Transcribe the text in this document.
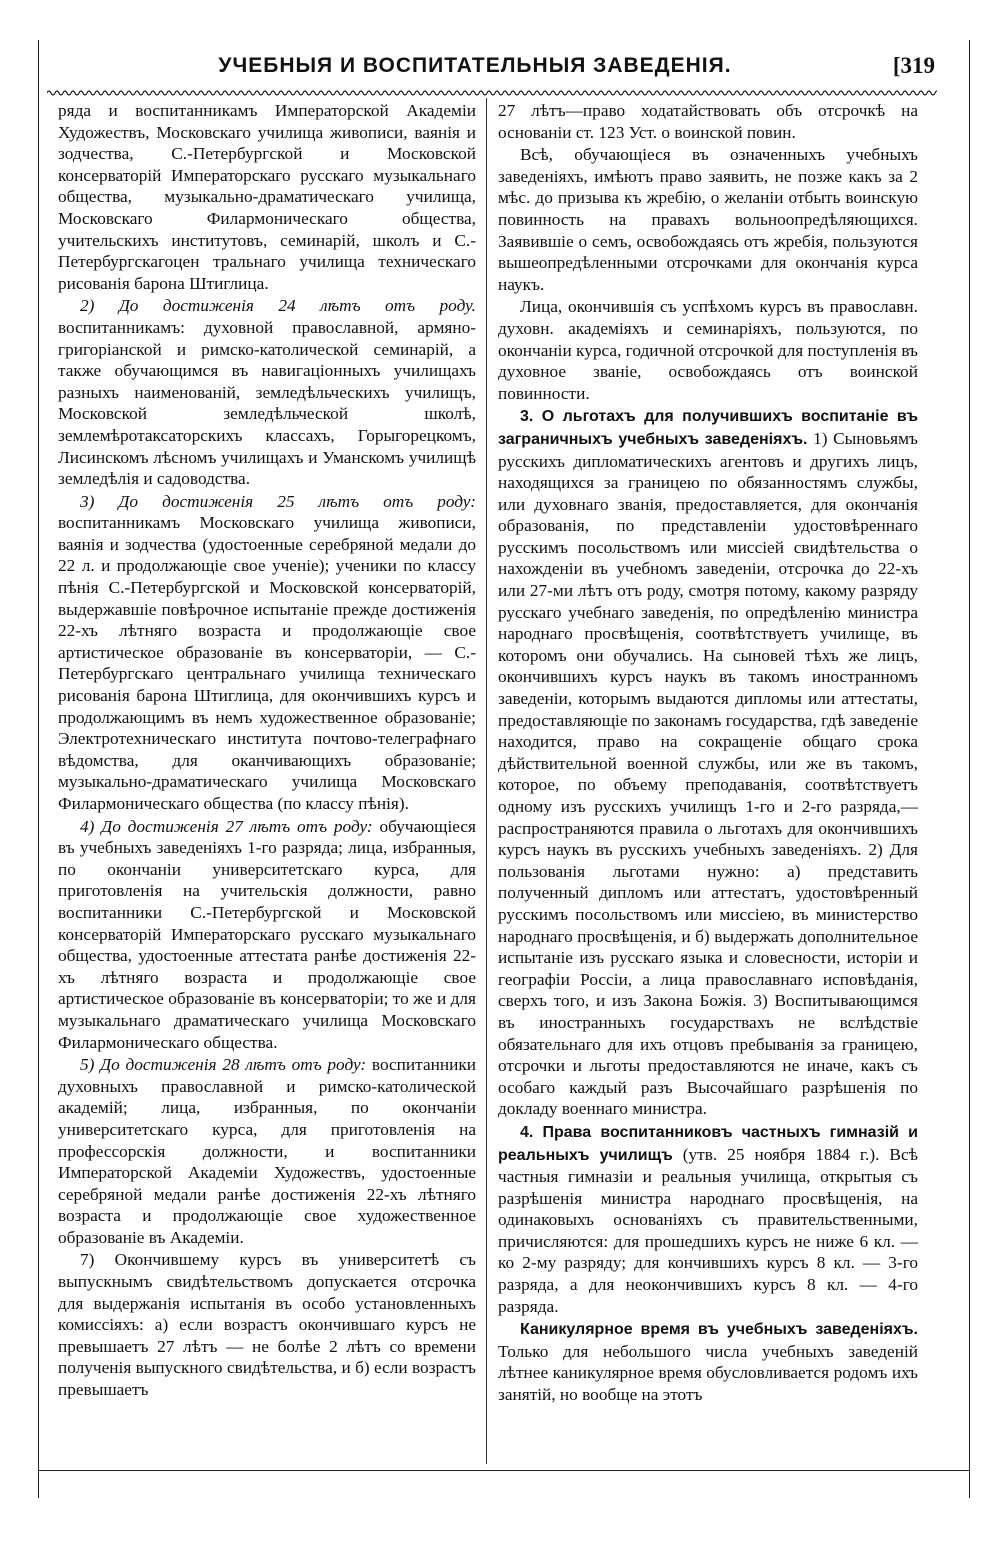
УЧЕБНЫЯ И ВОСПИТАТЕЛЬНЫЯ ЗАВЕДЕНІЯ.	[319

ряда и воспитанникамъ Императорской Академіи Художествъ, Московскаго училища живописи, ваянія и зодчества, С.-Петербургской и Московской консерваторій Императорскаго русскаго музыкальнаго общества, музыкально-драматическаго училища, Московскаго Филармоническаго общества, учительскихъ институтовъ, семинарій, школъ и С.-Петербургскагоцен тральнаго училища техническаго рисованія барона Штиглица.

2) До достиженія 24 лѣтъ отъ роду. воспитанникамъ: духовной православной, армяно-григоріанской и римско-католической семинарій, а также обучающимся въ навигаціонныхъ училищахъ разныхъ наименованій, земледѣльческихъ училищъ, Московской земледѣльческой школѣ, землемѣротаксаторскихъ классахъ, Горыгорецкомъ, Лисинскомъ лѣсномъ училищахъ и Уманскомъ училищѣ земледѣлія и садоводства.

3) До достиженія 25 лѣтъ отъ роду: воспитанникамъ Московскаго училища живописи, ваянія и зодчества (удостоенные серебряной медали до 22 л. и продолжающіе свое ученіе); ученики по классу пѣнія С.-Петербургской и Московской консерваторій, выдержавшіе повѣрочное испытаніе прежде достиженія 22-хъ лѣтняго возраста и продолжающіе свое артистическое образованіе въ консерваторіи, — С.-Петербургскаго центральнаго училища техническаго рисованія барона Штиглица, для окончившихъ курсъ и продолжающимъ въ немъ художественное образованіе; Электротехническаго института почтово-телеграфнаго вѣдомства, для оканчивающихъ образованіе; музыкально-драматическаго училища Московскаго Филармоническаго общества (по классу пѣнія).

4) До достиженія 27 лѣтъ отъ роду: обучающіеся въ учебныхъ заведеніяхъ 1-го разряда; лица, избранныя, по окончаніи университетскаго курса, для приготовленія на учительскія должности, равно воспитанники С.-Петербургской и Московской консерваторій Императорскаго русскаго музыкальнаго общества, удостоенные аттестата ранѣе достиженія 22-хъ лѣтняго возраста и продолжающіе свое артистическое образованіе въ консерваторіи; то же и для музыкальнаго драматическаго училища Московскаго Филармоническаго общества.

5) До достиженія 28 лѣтъ отъ роду: воспитанники духовныхъ православной и римско-католической академій; лица, избранныя, по окончаніи университетскаго курса, для приготовленія на профессорскія должности, и воспитанники Императорской Академіи Художествъ, удостоенные серебряной медали ранѣе достиженія 22-хъ лѣтняго возраста и продолжающіе свое художественное образованіе въ Академіи.

7) Окончившему курсъ въ университетѣ съ выпускнымъ свидѣтельствомъ допускается отсрочка для выдержанія испытанія въ особо установленныхъ комиссіяхъ: а) если возрастъ окончившаго курсъ не превышаетъ 27 лѣтъ — не болѣе 2 лѣтъ со времени полученія выпускного свидѣтельства, и б) если возрастъ превышаетъ

27 лѣтъ—право ходатайствовать объ отсрочкѣ на основаніи ст. 123 Уст. о воинской повин.

Всѣ, обучающіеся въ означенныхъ учебныхъ заведеніяхъ, имѣютъ право заявить, не позже какъ за 2 мѣс. до призыва къ жребію, о желаніи отбыть воинскую повинность на правахъ вольноопредѣляющихся. Заявившіе о семъ, освобождаясь отъ жребія, пользуются вышеопредѣленными отсрочками для окончанія курса наукъ.

Лица, окончившія съ успѣхомъ курсъ въ православн. духовн. академіяхъ и семинаріяхъ, пользуются, по окончаніи курса, годичной отсрочкой для поступленія въ духовное званіе, освобождаясь отъ воинской повинности.

3. О льготахъ для получившихъ воспитаніе въ заграничныхъ учебныхъ заведеніяхъ. 1) Сыновьямъ русскихъ дипломатическихъ агентовъ и другихъ лицъ, находящихся за границею по обязанностямъ службы, или духовнаго званія, предоставляется, для окончанія образованія, по представленіи удостовѣреннаго русскимъ посольствомъ или миссіей свидѣтельства о нахожденіи въ учебномъ заведеніи, отсрочка до 22-хъ или 27-ми лѣтъ отъ роду, смотря потому, какому разряду русскаго учебнаго заведенія, по опредѣленію министра народнаго просвѣщенія, соотвѣтствуетъ училище, въ которомъ они обучались. На сыновей тѣхъ же лицъ, окончившихъ курсъ наукъ въ такомъ иностранномъ заведеніи, которымъ выдаются дипломы или аттестаты, предоставляющіе по законамъ государства, гдѣ заведеніе находится, право на сокращеніе общаго срока дѣйствительной военной службы, или же въ такомъ, которое, по объему преподаванія, соотвѣтствуетъ одному изъ русскихъ училищъ 1-го и 2-го разряда,—распространяются правила о льготахъ для окончившихъ курсъ наукъ въ русскихъ учебныхъ заведеніяхъ. 2) Для пользованія льготами нужно: а) представить полученный дипломъ или аттестатъ, удостовѣренный русскимъ посольствомъ или миссіею, въ министерство народнаго просвѣщенія, и б) выдержать дополнительное испытаніе изъ русскаго языка и словесности, исторіи и географіи Россіи, а лица православнаго исповѣданія, сверхъ того, и изъ Закона Божія. 3) Воспитывающимся въ иностранныхъ государствахъ не вслѣдствіе обязательнаго для ихъ отцовъ пребыванія за границею, отсрочки и льготы предоставляются не иначе, какъ съ особаго каждый разъ Высочайшаго разрѣшенія по докладу военнаго министра.

4. Права воспитанниковъ частныхъ гимназій и реальныхъ училищъ (утв. 25 ноября 1884 г.). Всѣ частныя гимназіи и реальныя училища, открытыя съ разрѣшенія министра народнаго просвѣщенія, на одинаковыхъ основаніяхъ съ правительственными, причисляются: для прошедшихъ курсъ не ниже 6 кл. — ко 2-му разряду; для кончившихъ курсъ 8 кл. — 3-го разряда, а для неокончившихъ курсъ 8 кл. — 4-го разряда.

Каникулярное время въ учебныхъ заведеніяхъ. Только для небольшого числа учебныхъ заведеній лѣтнее каникулярное время обусловливается родомъ ихъ занятій, но вообще на этотъ
